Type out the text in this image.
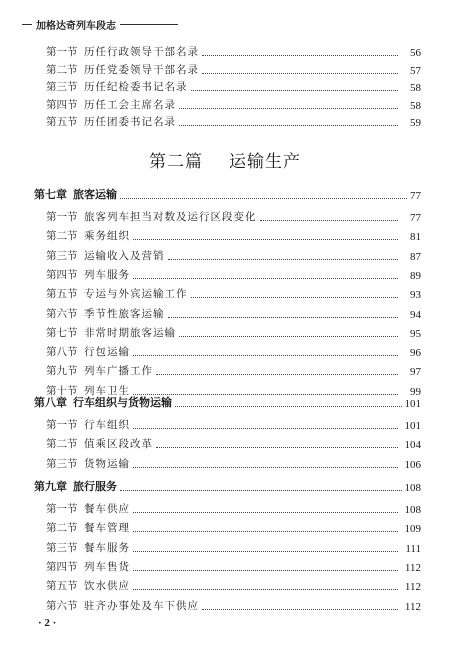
加格达奇列车段志
第二篇 运输生产
· 2 ·
第一节 历任行政领导干部名录	56
第二节 历任党委领导干部名录	57
第三节 历任纪检委书记名录	58
第四节 历任工会主席名录	58
第五节 历任团委书记名录	59
第七章 旅客运输	77
第一节 旅客列车担当对数及运行区段变化	77
第二节 乘务组织	81
第三节 运输收入及营销	87
第四节 列车服务	89
第五节 专运与外宾运输工作	93
第六节 季节性旅客运输	94
第七节 非常时期旅客运输	95
第八节 行包运输	96
第九节 列车广播工作	97
第十节 列车卫生	99
第八章 行车组织与货物运输	101
第一节 行车组织	101
第二节 值乘区段改革	104
第三节 货物运输	106
第九章 旅行服务	108
第一节 餐车供应	108
第二节 餐车管理	109
第三节 餐车服务	111
第四节 列车售货	112
第五节 饮水供应	112
第六节 驻齐办事处及车下供应	112
